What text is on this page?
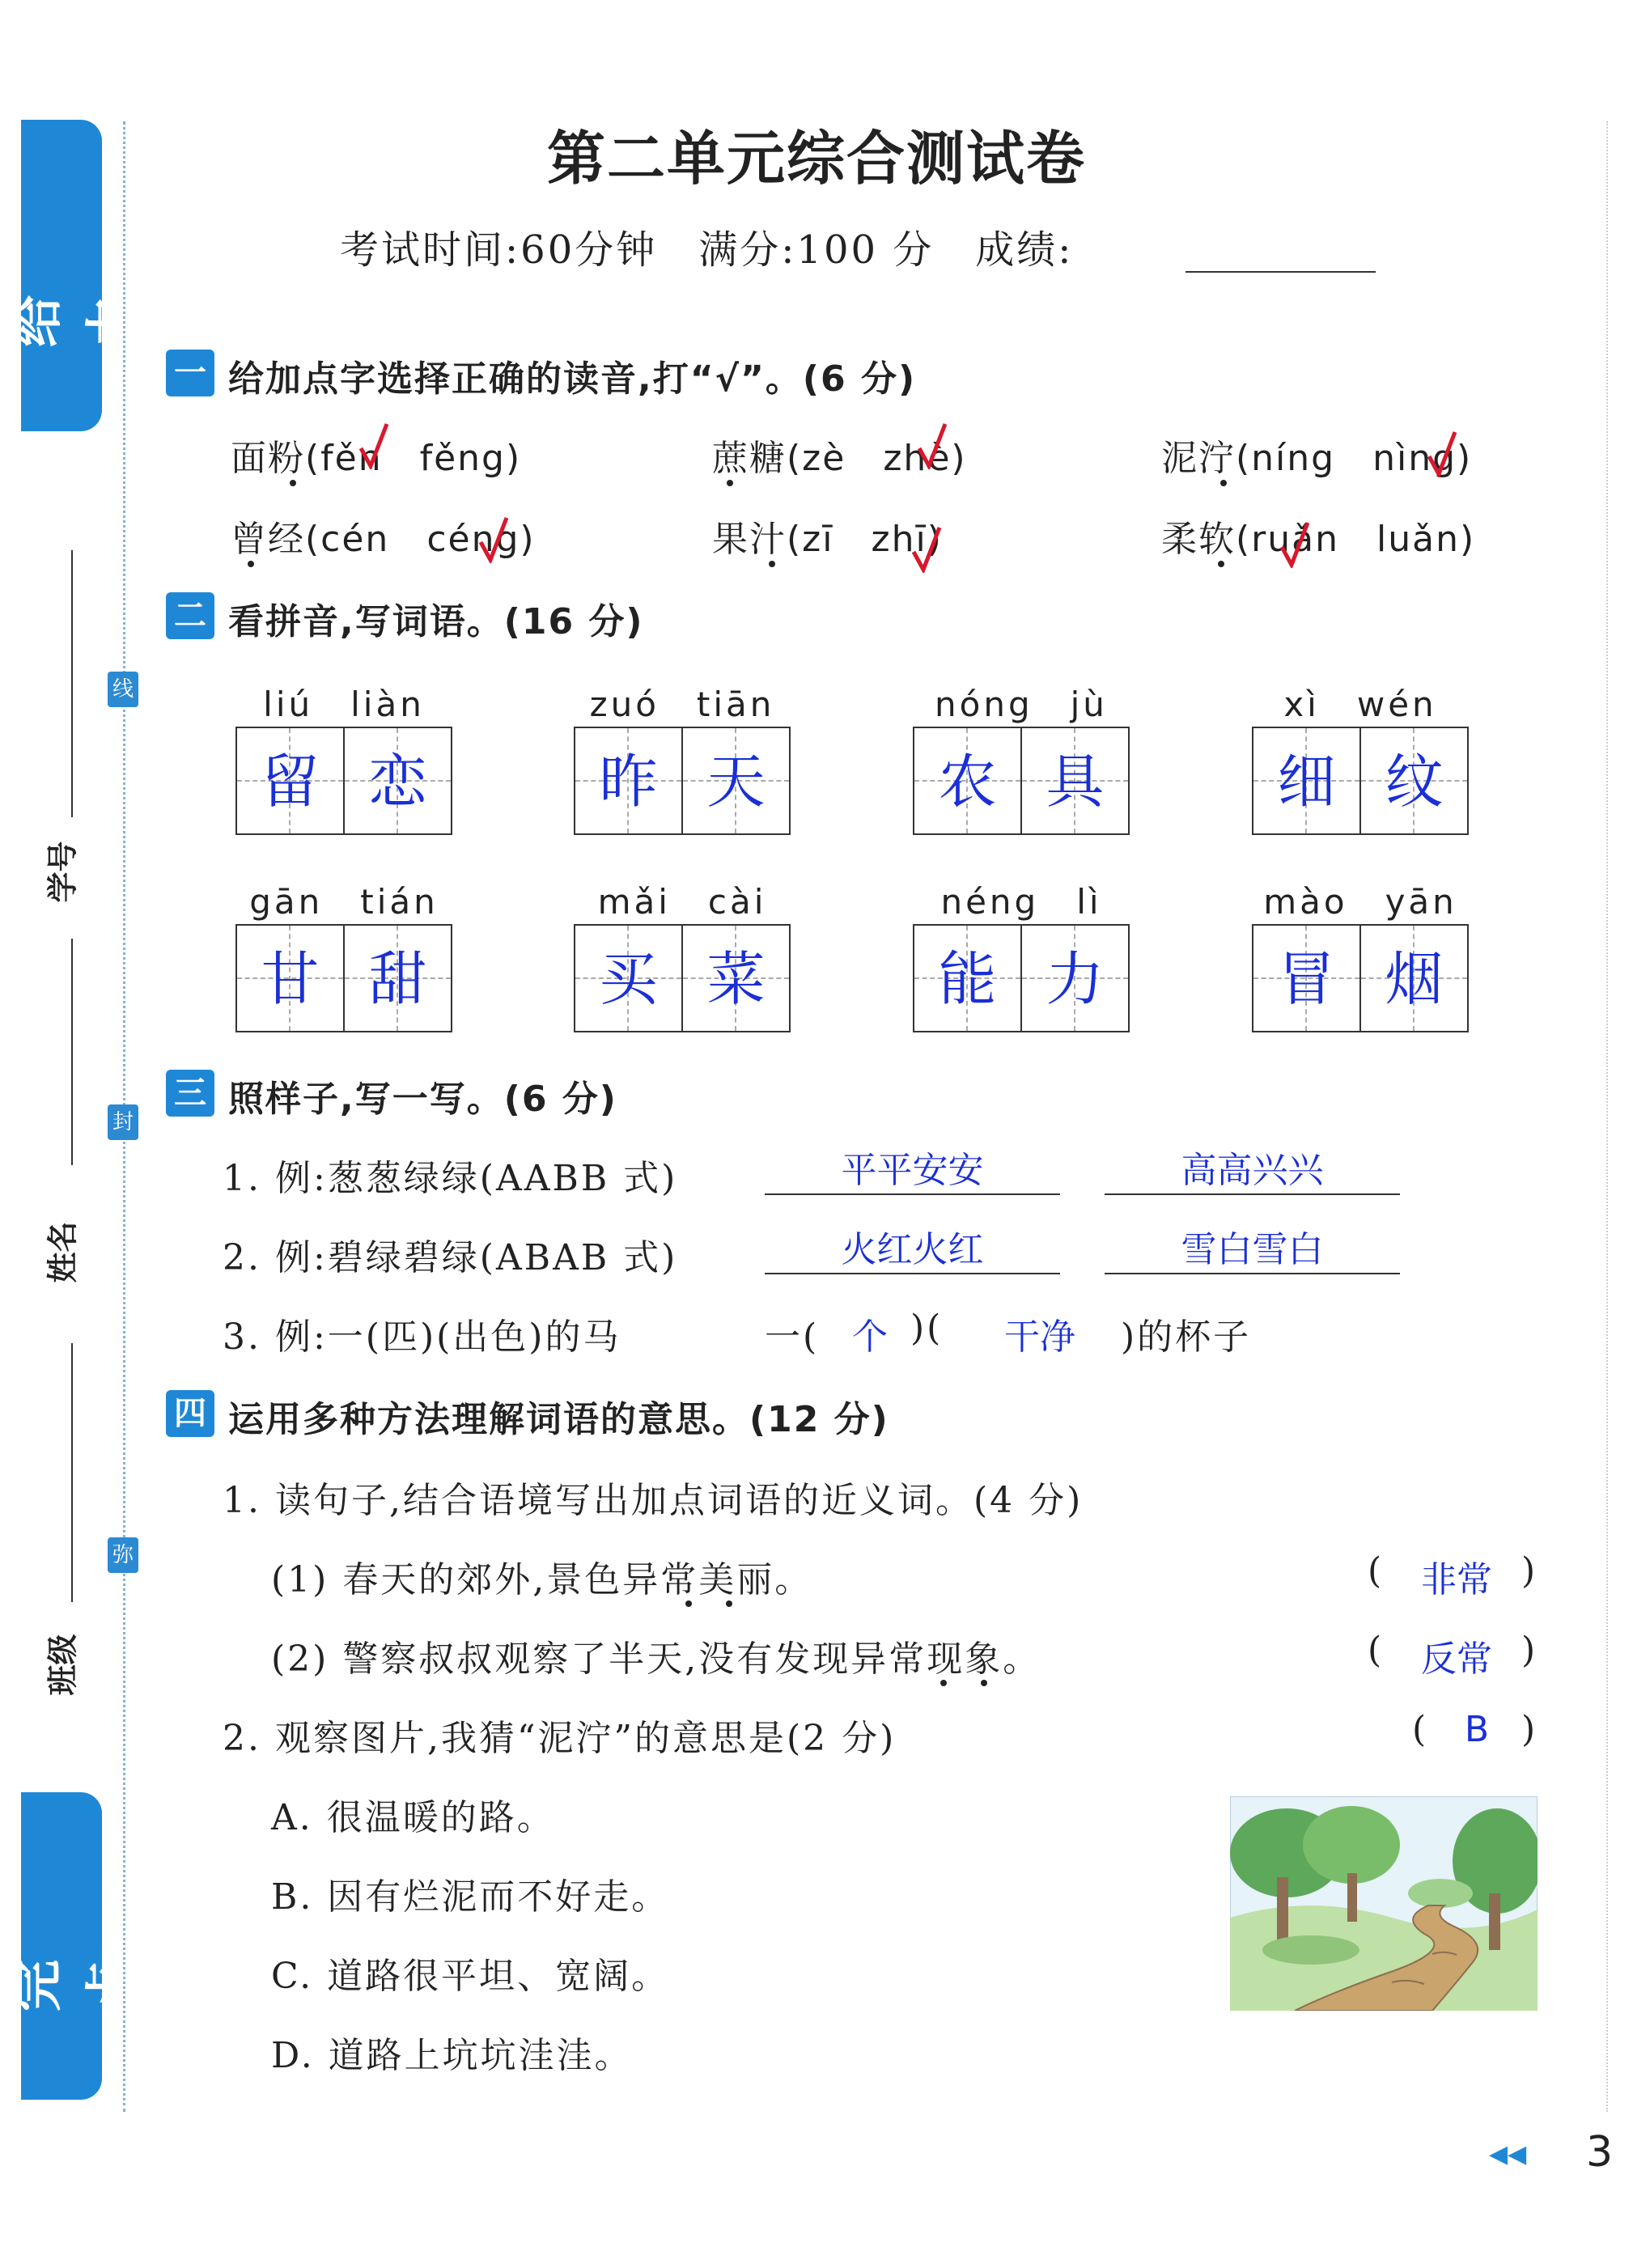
给力
完点
学号
姓名
班级
线
封
弥
第二单元综合测试卷
考试时间:60分钟　满分:100 分　成绩:
一 给加点字选择正确的读音,打“√”。(6 分)
面粉(fěn　fěng)	蔗糖(zè　zhè)	泥泞(níng　nìng)
曾经(cén　céng)	果汁(zī　zhī)	柔软(ruǎn　luǎn)
二 看拼音,写词语。(16 分)
liú　liàn	zuó　tiān	nóng　jù	xì　wén
gān　tián	mǎi　cài	néng　lì	mào　yān
留 恋	昨 天	农 具	细 纹
甘 甜	买 菜	能 力	冒 烟
三 照样子,写一写。(6 分)
1. 例:葱葱绿绿(AABB 式)	平平安安	高高兴兴
2. 例:碧绿碧绿(ABAB 式)	火红火红	雪白雪白
3. 例:一(匹)(出色)的马	一( 个 )(	干净	)的杯子
四 运用多种方法理解词语的意思。(12 分)
1. 读句子,结合语境写出加点词语的近义词。(4 分)
(1) 春天的郊外,景色异常美丽。	(	非常 )
(2) 警察叔叔观察了半天,没有发现异常现象。	(	反常 )
2. 观察图片,我猜“泥泞”的意思是(2 分)	(	B )
A. 很温暖的路。
B. 因有烂泥而不好走。
C. 道路很平坦、宽阔。
D. 道路上坑坑洼洼。
◀◀ 3
